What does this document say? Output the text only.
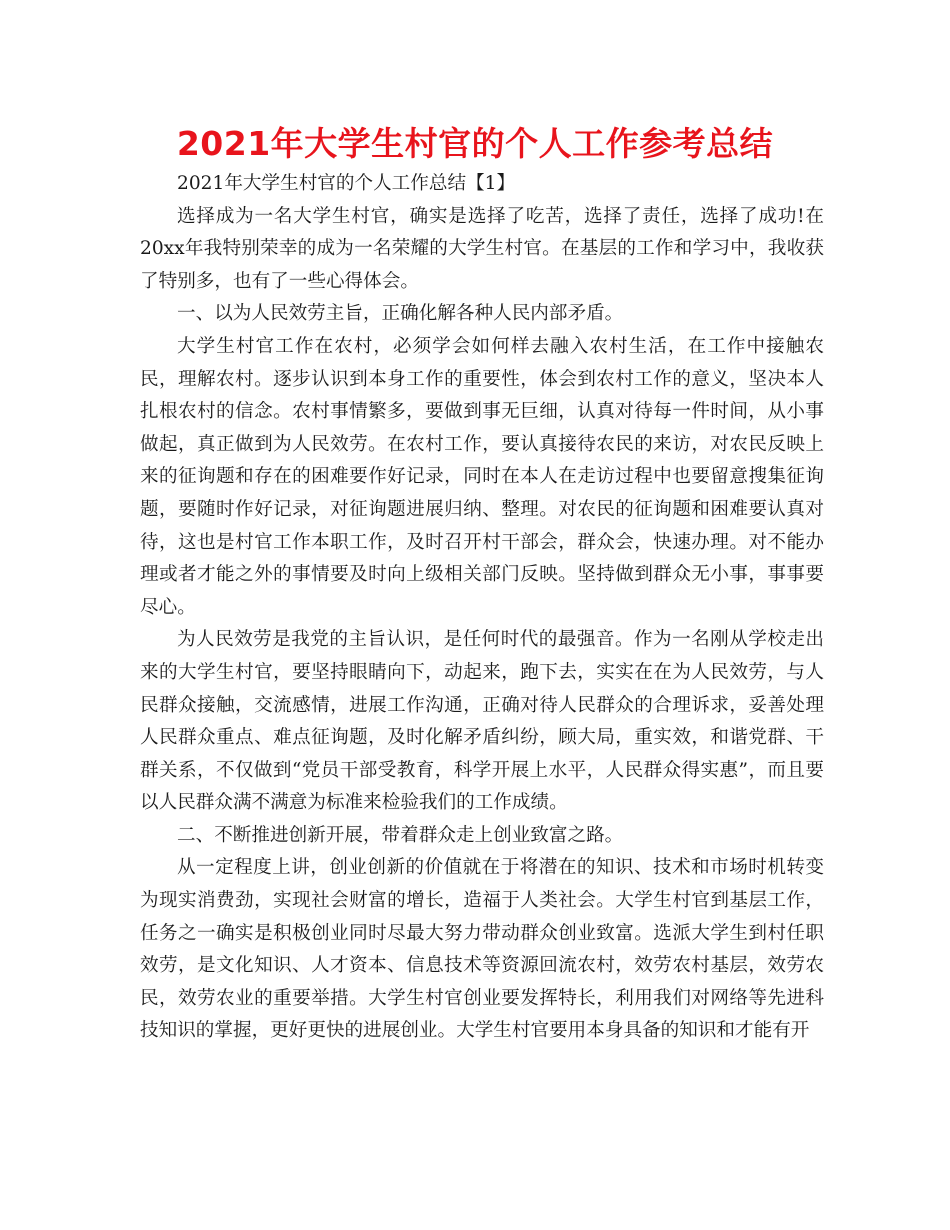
2021年大学生村官的个人工作参考总结

2021年大学生村官的个人工作总结【1】

选择成为一名大学生村官，确实是选择了吃苦，选择了责任，选择了成功!在20xx年我特别荣幸的成为一名荣耀的大学生村官。在基层的工作和学习中，我收获了特别多，也有了一些心得体会。

一、以为人民效劳主旨，正确化解各种人民内部矛盾。

大学生村官工作在农村，必须学会如何样去融入农村生活，在工作中接触农民，理解农村。逐步认识到本身工作的重要性，体会到农村工作的意义，坚决本人扎根农村的信念。农村事情繁多，要做到事无巨细，认真对待每一件时间，从小事做起，真正做到为人民效劳。在农村工作，要认真接待农民的来访，对农民反映上来的征询题和存在的困难要作好记录，同时在本人在走访过程中也要留意搜集征询题，要随时作好记录，对征询题进展归纳、整理。对农民的征询题和困难要认真对待，这也是村官工作本职工作，及时召开村干部会，群众会，快速办理。对不能办理或者才能之外的事情要及时向上级相关部门反映。坚持做到群众无小事，事事要尽心。

为人民效劳是我党的主旨认识，是任何时代的最强音。作为一名刚从学校走出来的大学生村官，要坚持眼睛向下，动起来，跑下去，实实在在为人民效劳，与人民群众接触，交流感情，进展工作沟通，正确对待人民群众的合理诉求，妥善处理人民群众重点、难点征询题，及时化解矛盾纠纷，顾大局，重实效，和谐党群、干群关系，不仅做到“党员干部受教育，科学开展上水平，人民群众得实惠”，而且要以人民群众满不满意为标准来检验我们的工作成绩。

二、不断推进创新开展，带着群众走上创业致富之路。

从一定程度上讲，创业创新的价值就在于将潜在的知识、技术和市场时机转变为现实消费劲，实现社会财富的增长，造福于人类社会。大学生村官到基层工作，任务之一确实是积极创业同时尽最大努力带动群众创业致富。选派大学生到村任职效劳，是文化知识、人才资本、信息技术等资源回流农村，效劳农村基层，效劳农民，效劳农业的重要举措。大学生村官创业要发挥特长，利用我们对网络等先进科技知识的掌握，更好更快的进展创业。大学生村官要用本身具备的知识和才能有开
